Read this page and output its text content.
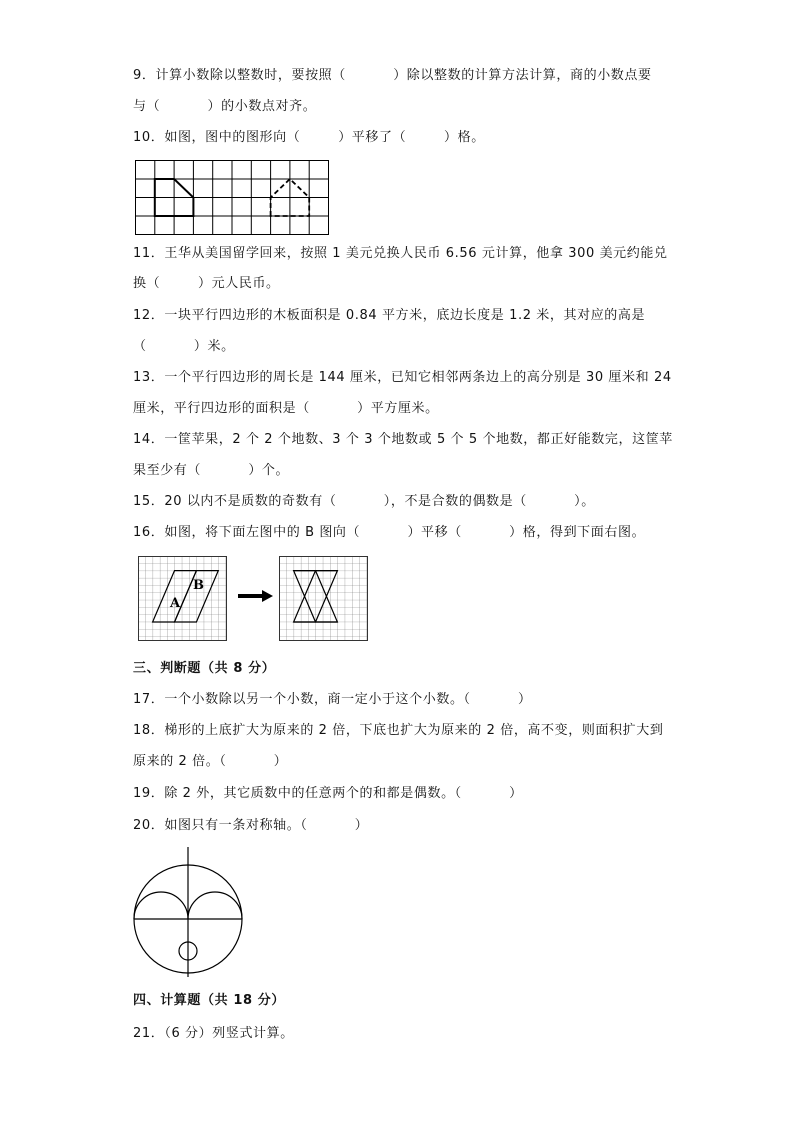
9．计算小数除以整数时，要按照（          ）除以整数的计算方法计算，商的小数点要
与（          ）的小数点对齐。
10．如图，图中的图形向（        ）平移了（        ）格。
11．王华从美国留学回来，按照 1 美元兑换人民币 6.56 元计算，他拿 300 美元约能兑
换（        ）元人民币。
12．一块平行四边形的木板面积是 0.84 平方米，底边长度是 1.2 米，其对应的高是
（          ）米。
13．一个平行四边形的周长是 144 厘米，已知它相邻两条边上的高分别是 30 厘米和 24
厘米，平行四边形的面积是（          ）平方厘米。
14．一筐苹果，2 个 2 个地数、3 个 3 个地数或 5 个 5 个地数，都正好能数完，这筐苹
果至少有（          ）个。
15．20 以内不是质数的奇数有（          ），不是合数的偶数是（          ）。
16．如图，将下面左图中的 B 图向（          ）平移（          ）格，得到下面右图。
A
B
三、判断题（共 8 分）
17．一个小数除以另一个小数，商一定小于这个小数。（          ）
18．梯形的上底扩大为原来的 2 倍，下底也扩大为原来的 2 倍，高不变，则面积扩大到
原来的 2 倍。（          ）
19．除 2 外，其它质数中的任意两个的和都是偶数。（          ）
20．如图只有一条对称轴。（          ）
四、计算题（共 18 分）
21．（6 分）列竖式计算。
